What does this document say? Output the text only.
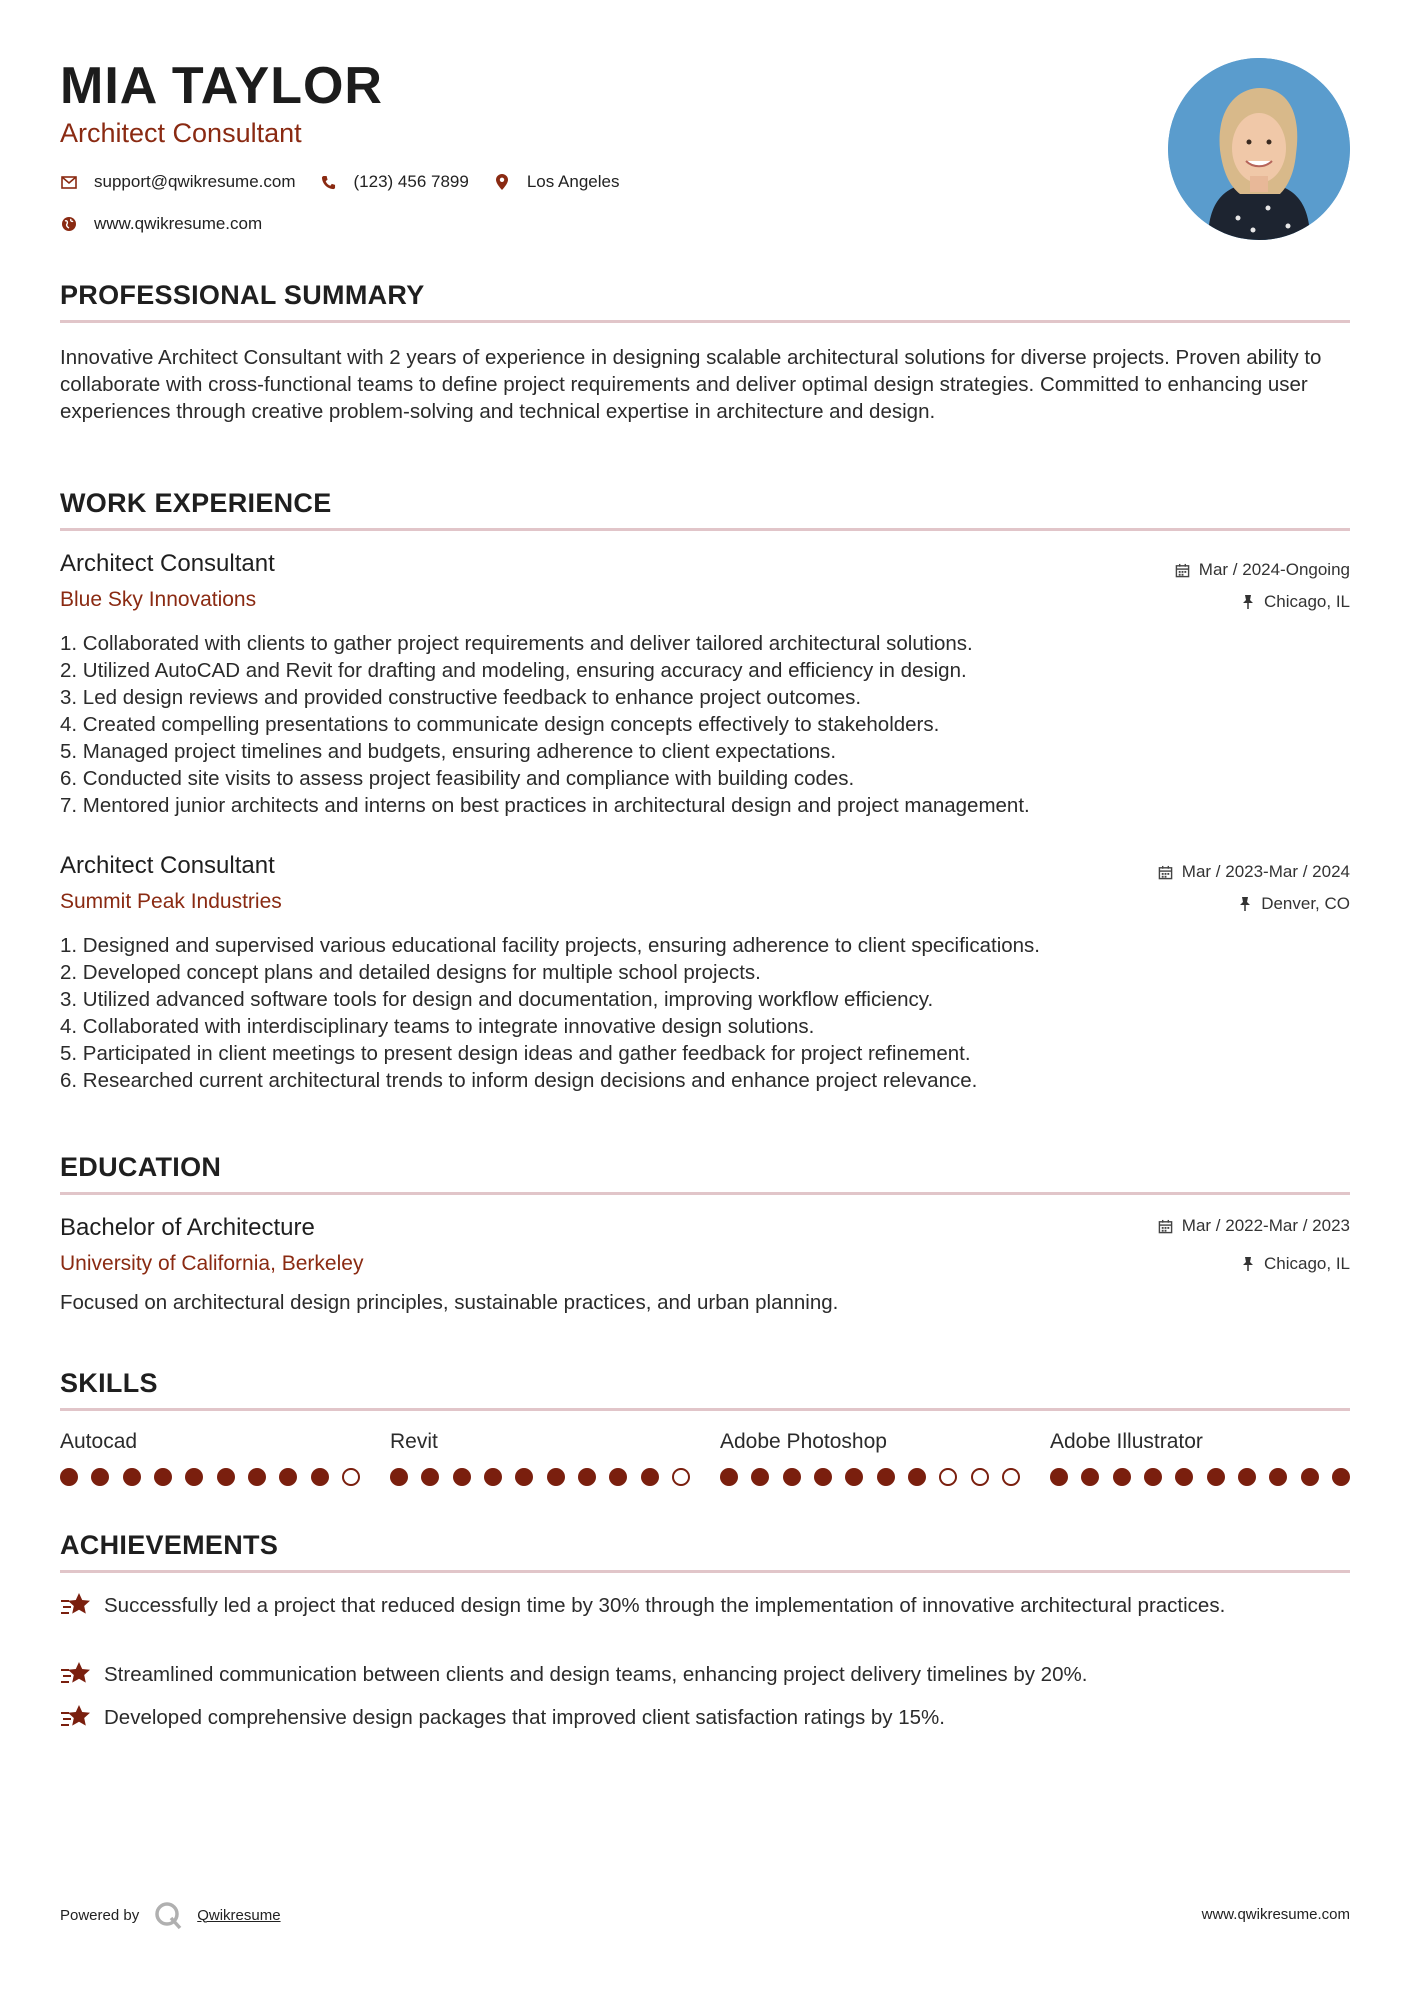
MIA TAYLOR

Architect Consultant

support@qwikresume.com	(123) 456 7899	Los Angeles
www.qwikresume.com
PROFESSIONAL SUMMARY

Innovative Architect Consultant with 2 years of experience in designing scalable architectural solutions for diverse projects. Proven ability to collaborate with cross-functional teams to define project requirements and deliver optimal design strategies. Committed to enhancing user experiences through creative problem-solving and technical expertise in architecture and design.

WORK EXPERIENCE

Architect Consultant

Blue Sky Innovations

Mar / 2024-Ongoing
Chicago, IL
1. Collaborated with clients to gather project requirements and deliver tailored architectural solutions.
2. Utilized AutoCAD and Revit for drafting and modeling, ensuring accuracy and efficiency in design.
3. Led design reviews and provided constructive feedback to enhance project outcomes.
4. Created compelling presentations to communicate design concepts effectively to stakeholders.
5. Managed project timelines and budgets, ensuring adherence to client expectations.
6. Conducted site visits to assess project feasibility and compliance with building codes.
7. Mentored junior architects and interns on best practices in architectural design and project management.

Architect Consultant

Summit Peak Industries

Mar / 2023-Mar / 2024
Denver, CO
1. Designed and supervised various educational facility projects, ensuring adherence to client specifications.
2. Developed concept plans and detailed designs for multiple school projects.
3. Utilized advanced software tools for design and documentation, improving workflow efficiency.
4. Collaborated with interdisciplinary teams to integrate innovative design solutions.
5. Participated in client meetings to present design ideas and gather feedback for project refinement.
6. Researched current architectural trends to inform design decisions and enhance project relevance.
EDUCATION

Bachelor of Architecture

University of California, Berkeley

Mar / 2022-Mar / 2023
Chicago, IL

Focused on architectural design principles, sustainable practices, and urban planning.

SKILLS
Autocad	Revit	Adobe Photoshop	Adobe Illustrator
ACHIEVEMENTS
Successfully led a project that reduced design time by 30% through the implementation of innovative architectural practices.
Streamlined communication between clients and design teams, enhancing project delivery timelines by 20%.
Developed comprehensive design packages that improved client satisfaction ratings by 15%.
Powered by	Qwikresume	www.qwikresume.com
